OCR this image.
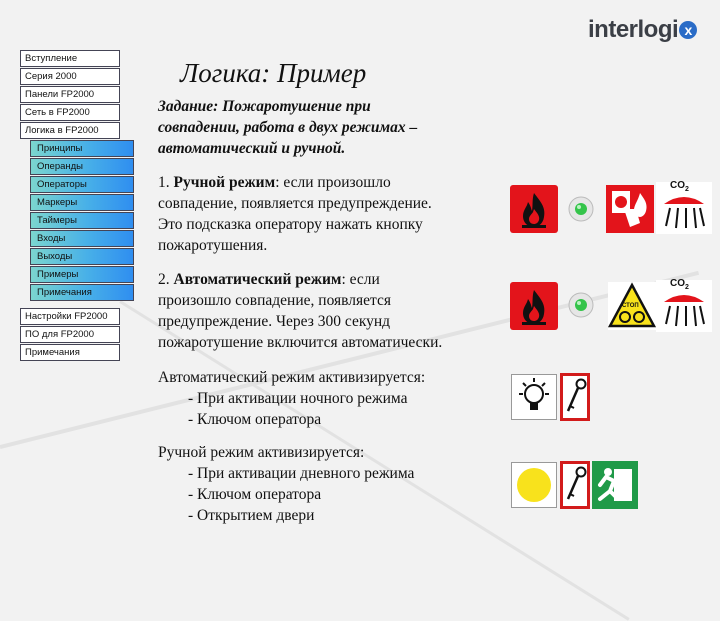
interlogi x
Вступление
Серия 2000
Панели FP2000
Сеть в FP2000
Логика в FP2000
Принципы
Операнды
Операторы
Маркеры
Таймеры
Входы
Выходы
Примеры
Примечания
Настройки FP2000
ПО для FP2000
Примечания
Логика: Пример
Задание: Пожаротушение при
совпадении, работа в двух режимах –
автоматический и ручной.
1. Ручной режим: если произошло
совпадение, появляется предупреждение.
Это подсказка оператору нажать кнопку
пожаротушения.
2. Автоматический режим: если
произошло совпадение, появляется
предупреждение. Через 300 секунд
пожаротушение включится автоматически.
Автоматический режим активизируется:
- При активации ночного режима
- Ключом оператора
Ручной режим активизируется:
- При активации дневного режима
- Ключом оператора
- Открытием двери
$CO_2$
СТОП
$CO_2$
